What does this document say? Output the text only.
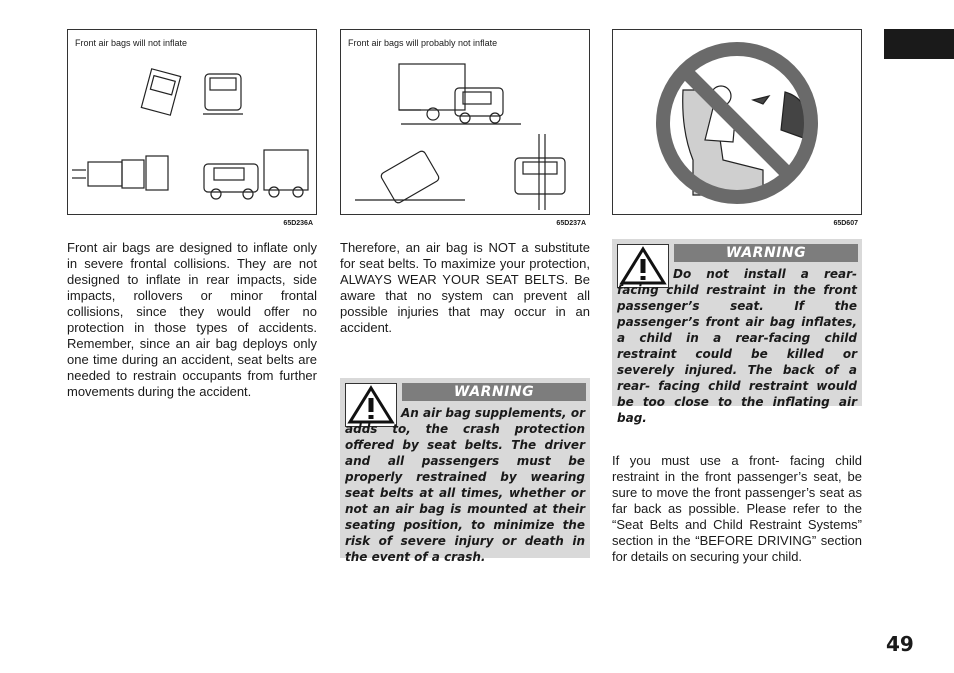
Front air bags will not inflate
65D236A
Front air bags will probably not inflate
65D237A	65D607
Front air bags are designed to inflate only in severe frontal collisions. They are not designed to inflate in rear impacts, side impacts, rollovers or minor frontal collisions, since they would offer no protection in those types of accidents. Remember, since an air bag deploys only one time during an accident, seat belts are needed to restrain occupants from further movements during the accident.
Therefore, an air bag is NOT a substitute for seat belts. To maximize your protection, ALWAYS WEAR YOUR SEAT BELTS. Be aware that no system can prevent all possible injuries that may occur in an accident.
WARNING
An air bag supplements, or adds to, the crash protection offered by seat belts. The driver and all passengers must be properly restrained by wearing seat belts at all times, whether or not an air bag is mounted at their seating position, to minimize the risk of severe injury or death in the event of a crash.
WARNING
Do not install a rear- facing child restraint in the front passenger’s seat. If the passenger’s front air bag inflates, a child in a rear-facing child restraint could be killed or severely injured. The back of a rear- facing child restraint would be too close to the inflating air bag.
If you must use a front- facing child restraint in the front passenger’s seat, be sure to move the front passenger’s seat as far back as possible. Please refer to the “Seat Belts and Child Restraint Systems” section in the “BEFORE DRIVING” section for details on securing your child.
49
